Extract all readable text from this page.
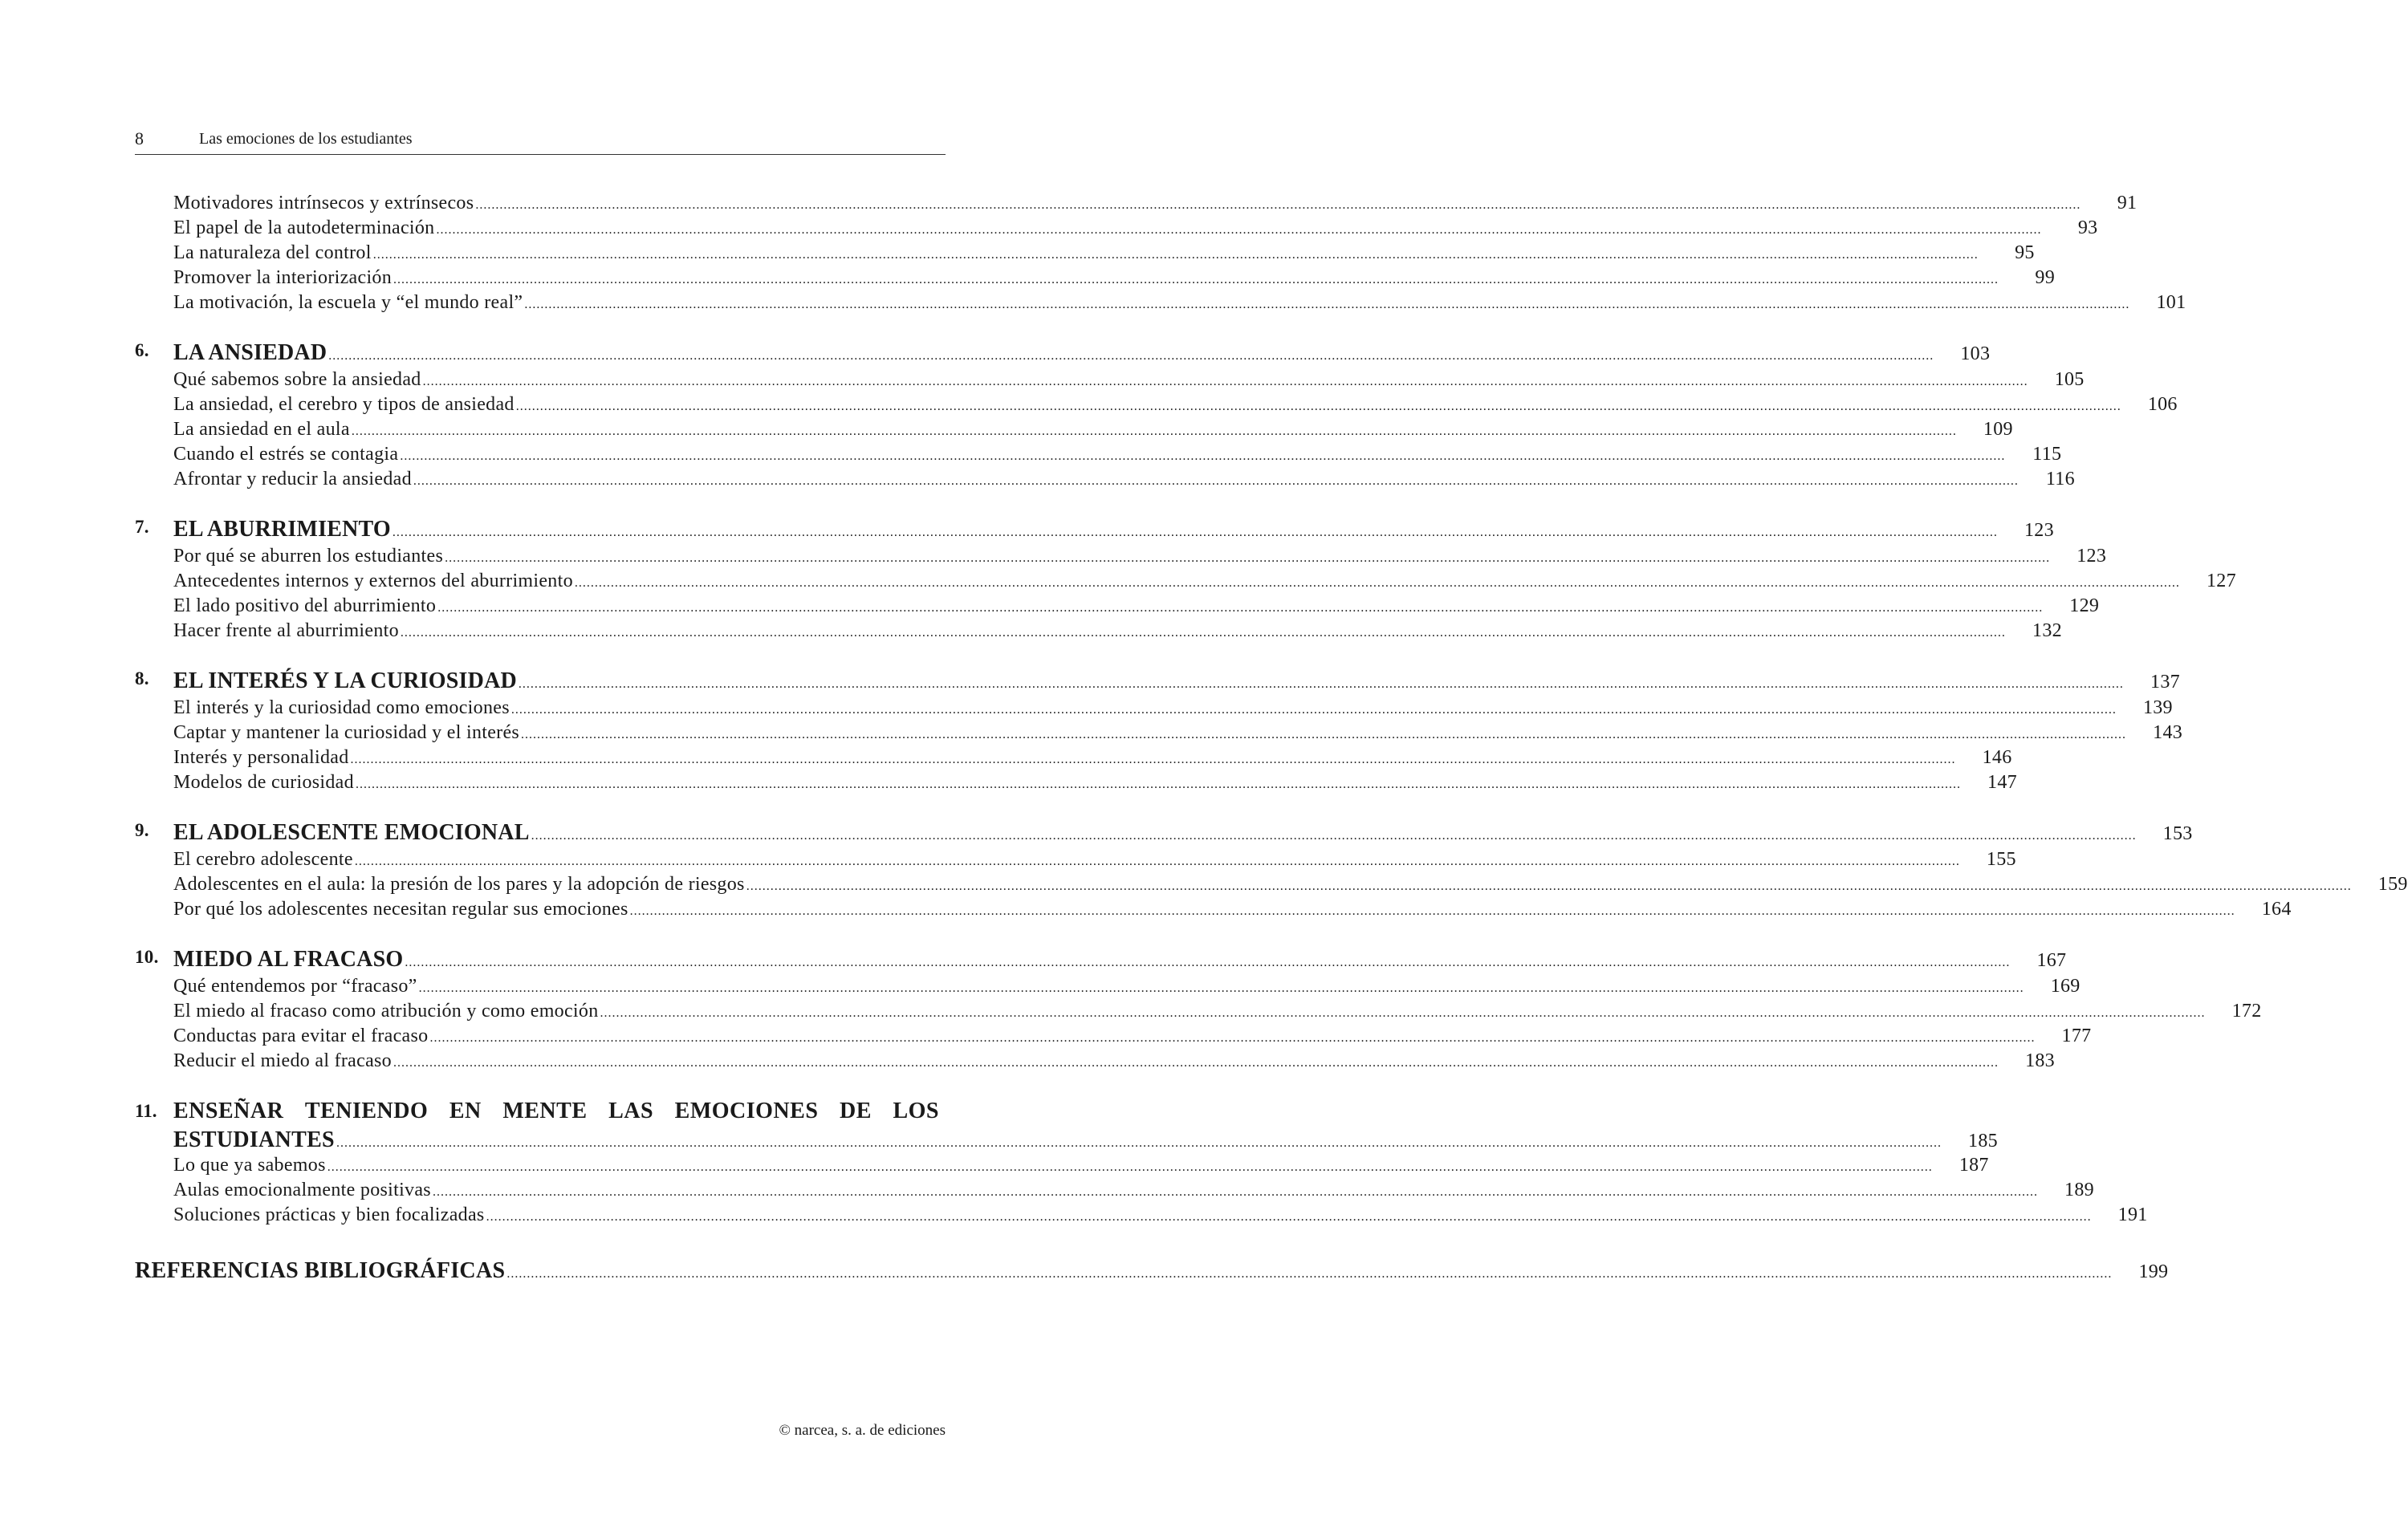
8	Las emociones de los estudiantes
Motivadores intrínsecos y extrínsecos ................................................................................................................................................................................................................................................................................................................................................................................................................	91
El papel de la autodeterminación ................................................................................................................................................................................................................................................................................................................................................................................................................	93
La naturaleza del control ................................................................................................................................................................................................................................................................................................................................................................................................................	95
Promover la interiorización ................................................................................................................................................................................................................................................................................................................................................................................................................	99
La motivación, la escuela y “el mundo real” ................................................................................................................................................................................................................................................................................................................................................................................................................	101
6.	LA ANSIEDAD ................................................................................................................................................................................................................................................................................................................................................................................................................	103
Qué sabemos sobre la ansiedad ................................................................................................................................................................................................................................................................................................................................................................................................................	105
La ansiedad, el cerebro y tipos de ansiedad ................................................................................................................................................................................................................................................................................................................................................................................................................	106
La ansiedad en el aula ................................................................................................................................................................................................................................................................................................................................................................................................................	109
Cuando el estrés se contagia ................................................................................................................................................................................................................................................................................................................................................................................................................	115
Afrontar y reducir la ansiedad ................................................................................................................................................................................................................................................................................................................................................................................................................	116
7.	EL ABURRIMIENTO ................................................................................................................................................................................................................................................................................................................................................................................................................	123
Por qué se aburren los estudiantes ................................................................................................................................................................................................................................................................................................................................................................................................................	123
Antecedentes internos y externos del aburrimiento ................................................................................................................................................................................................................................................................................................................................................................................................................	127
El lado positivo del aburrimiento ................................................................................................................................................................................................................................................................................................................................................................................................................	129
Hacer frente al aburrimiento ................................................................................................................................................................................................................................................................................................................................................................................................................	132
8.	EL INTERÉS Y LA CURIOSIDAD ................................................................................................................................................................................................................................................................................................................................................................................................................	137
El interés y la curiosidad como emociones ................................................................................................................................................................................................................................................................................................................................................................................................................	139
Captar y mantener la curiosidad y el interés ................................................................................................................................................................................................................................................................................................................................................................................................................	143
Interés y personalidad ................................................................................................................................................................................................................................................................................................................................................................................................................	146
Modelos de curiosidad ................................................................................................................................................................................................................................................................................................................................................................................................................	147
9.	EL ADOLESCENTE EMOCIONAL ................................................................................................................................................................................................................................................................................................................................................................................................................	153
El cerebro adolescente ................................................................................................................................................................................................................................................................................................................................................................................................................	155
Adolescentes en el aula: la presión de los pares y la adopción de riesgos ................................................................................................................................................................................................................................................................................................................................................................................................................	159
Por qué los adolescentes necesitan regular sus emociones ................................................................................................................................................................................................................................................................................................................................................................................................................	164
10. MIEDO AL FRACASO ................................................................................................................................................................................................................................................................................................................................................................................................................	167
Qué entendemos por “fracaso” ................................................................................................................................................................................................................................................................................................................................................................................................................	169
El miedo al fracaso como atribución y como emoción ................................................................................................................................................................................................................................................................................................................................................................................................................	172
Conductas para evitar el fracaso ................................................................................................................................................................................................................................................................................................................................................................................................................	177
Reducir el miedo al fracaso ................................................................................................................................................................................................................................................................................................................................................................................................................	183
11. ENSEÑAR TENIENDO EN MENTE LAS EMOCIONES DE LOS
ESTUDIANTES ................................................................................................................................................................................................................................................................................................................................................................................................................	185
Lo que ya sabemos ................................................................................................................................................................................................................................................................................................................................................................................................................	187
Aulas emocionalmente positivas ................................................................................................................................................................................................................................................................................................................................................................................................................	189
Soluciones prácticas y bien focalizadas ................................................................................................................................................................................................................................................................................................................................................................................................................	191
REFERENCIAS BIBLIOGRÁFICAS ................................................................................................................................................................................................................................................................................................................................................................................................................	199
© narcea, s. a. de ediciones
